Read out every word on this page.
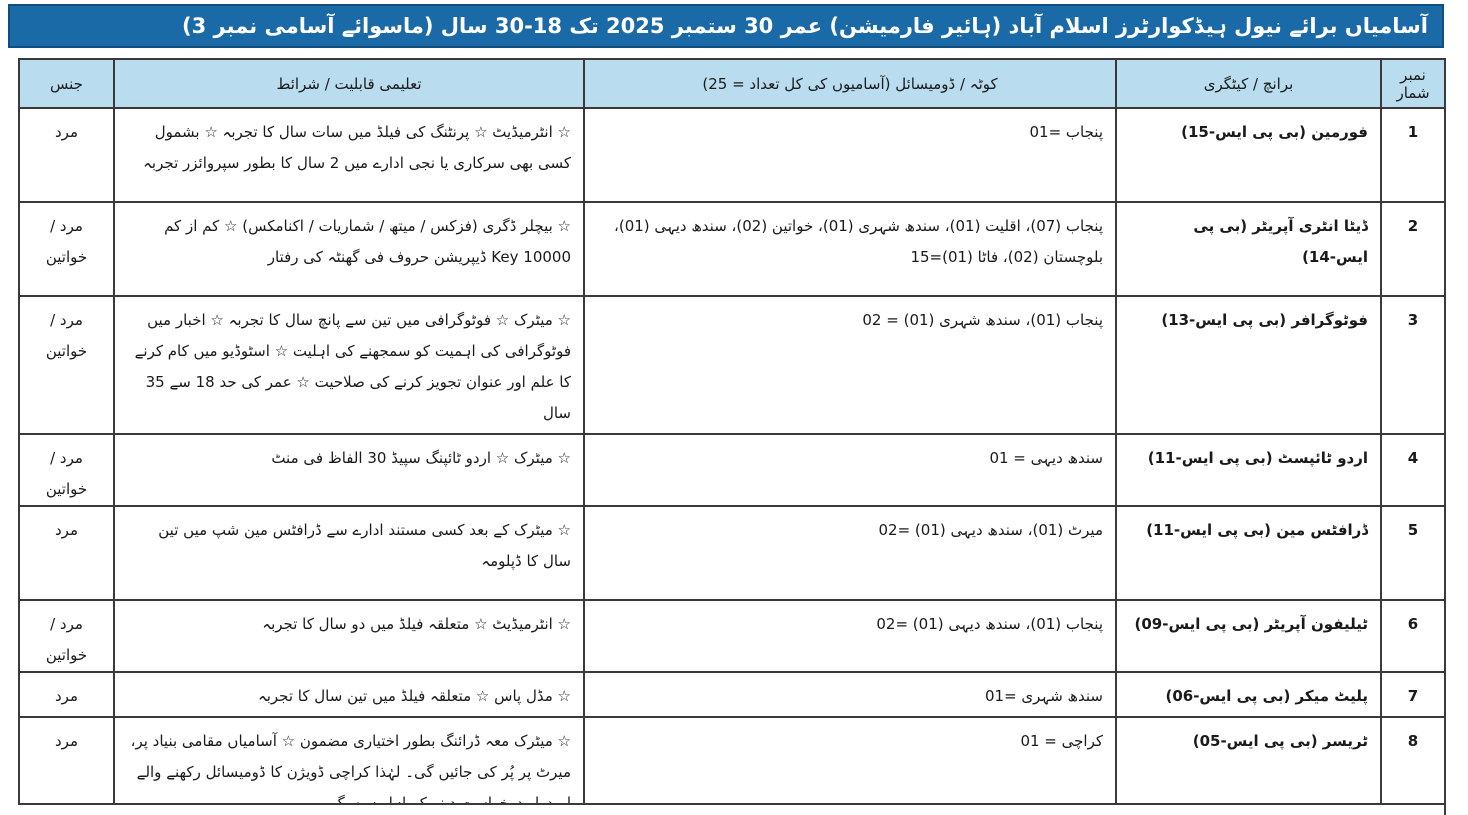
آسامیاں برائے نیول ہیڈکوارٹرز اسلام آباد (ہائیر فارمیشن) عمر 30 ستمبر 2025 تک 18-30 سال (ماسوائے آسامی نمبر 3)
نمبر شمار	برانچ / کیٹگری	کوٹہ / ڈومیسائل (آسامیوں کی کل تعداد = 25)	تعلیمی قابلیت / شرائط	جنس
1	فورمین (بی پی ایس-15)	پنجاب =01	☆ انٹرمیڈیٹ ☆ پرنٹنگ کی فیلڈ میں سات سال کا تجربہ ☆ بشمول کسی بھی سرکاری یا نجی ادارے میں 2 سال کا بطور سپروائزر تجربہ	مرد
2	ڈیٹا انٹری آپریٹر (بی پی ایس-14)	پنجاب (07)، اقلیت (01)، سندھ شہری (01)، خواتین (02)، سندھ دیہی (01)، بلوچستان (02)، فاٹا (01)=15	☆ بیچلر ڈگری (فزکس / میتھ / شماریات / اکنامکس) ☆ کم از کم 10000 Key ڈیپریشن حروف فی گھنٹہ کی رفتار	مرد / خواتین
3	فوٹوگرافر (بی پی ایس-13)	پنجاب (01)، سندھ شہری (01) = 02	☆ میٹرک ☆ فوٹوگرافی میں تین سے پانچ سال کا تجربہ ☆ اخبار میں فوٹوگرافی کی اہمیت کو سمجھنے کی اہلیت ☆ اسٹوڈیو میں کام کرنے کا علم اور عنوان تجویز کرنے کی صلاحیت ☆ عمر کی حد 18 سے 35 سال	مرد / خواتین
4	اردو ٹائپسٹ (بی پی ایس-11)	سندھ دیہی = 01	☆ میٹرک ☆ اردو ٹائپنگ سپیڈ 30 الفاظ فی منٹ	مرد / خواتین
5	ڈرافٹس مین (بی پی ایس-11)	میرٹ (01)، سندھ دیہی (01) =02	☆ میٹرک کے بعد کسی مستند ادارے سے ڈرافٹس مین شپ میں تین سال کا ڈپلومہ	مرد
6	ٹیلیفون آپریٹر (بی پی ایس-09)	پنجاب (01)، سندھ دیہی (01) =02	☆ انٹرمیڈیٹ ☆ متعلقہ فیلڈ میں دو سال کا تجربہ	مرد / خواتین
7	پلیٹ میکر (بی پی ایس-06)	سندھ شہری =01	☆ مڈل پاس ☆ متعلقہ فیلڈ میں تین سال کا تجربہ	مرد
8	ٹریسر (بی پی ایس-05)	کراچی = 01	☆ میٹرک معہ ڈرائنگ بطور اختیاری مضمون ☆ آسامیاں مقامی بنیاد پر، میرٹ پر پُر کی جائیں گی۔ لہٰذا کراچی ڈویژن کا ڈومیسائل رکھنے والے	مرد
